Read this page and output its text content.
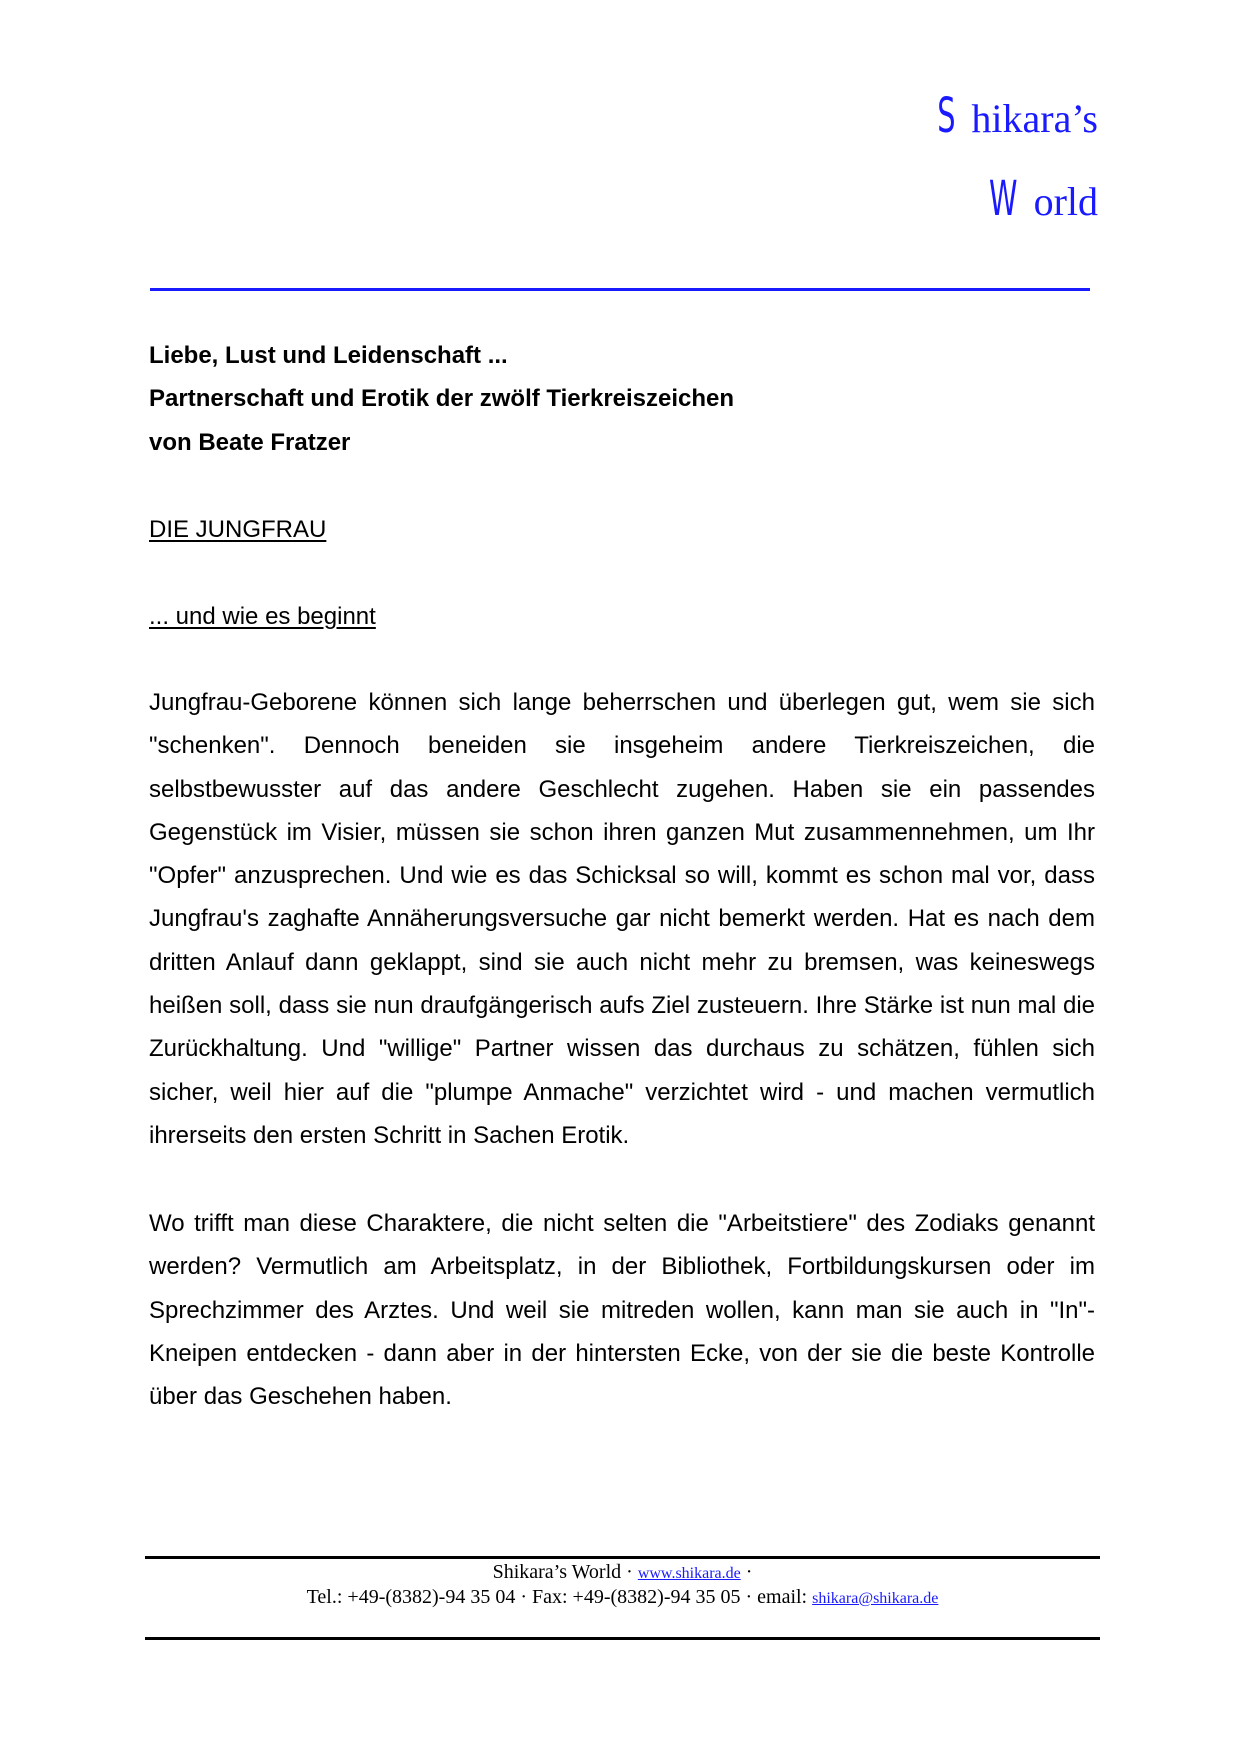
S hikara’s
W orld
Liebe, Lust und Leidenschaft ...
Partnerschaft und Erotik der zwölf Tierkreiszeichen
von Beate Fratzer
DIE JUNGFRAU
... und wie es beginnt
Jungfrau-Geborene können sich lange beherrschen und überlegen gut, wem sie sich "schenken". Dennoch beneiden sie insgeheim andere Tierkreiszeichen, die selbstbewusster auf das andere Geschlecht zugehen. Haben sie ein passendes Gegenstück im Visier, müssen sie schon ihren ganzen Mut zusammennehmen, um Ihr "Opfer" anzusprechen. Und wie es das Schicksal so will, kommt es schon mal vor, dass Jungfrau's zaghafte Annäherungsversuche gar nicht bemerkt werden. Hat es nach dem dritten Anlauf dann geklappt, sind sie auch nicht mehr zu bremsen, was keineswegs heißen soll, dass sie nun draufgängerisch aufs Ziel zusteuern. Ihre Stärke ist nun mal die Zurückhaltung. Und "willige" Partner wissen das durchaus zu schätzen, fühlen sich sicher, weil hier auf die "plumpe Anmache" verzichtet wird - und machen vermutlich ihrerseits den ersten Schritt in Sachen Erotik.
Wo trifft man diese Charaktere, die nicht selten die "Arbeitstiere" des Zodiaks genannt werden? Vermutlich am Arbeitsplatz, in der Bibliothek, Fortbildungskursen oder im Sprechzimmer des Arztes. Und weil sie mitreden wollen, kann man sie auch in "In"-Kneipen entdecken - dann aber in der hintersten Ecke, von der sie die beste Kontrolle über das Geschehen haben.
Shikara’s World · www.shikara.de ·
Tel.: +49-(8382)-94 35 04 · Fax: +49-(8382)-94 35 05 · email: shikara@shikara.de
